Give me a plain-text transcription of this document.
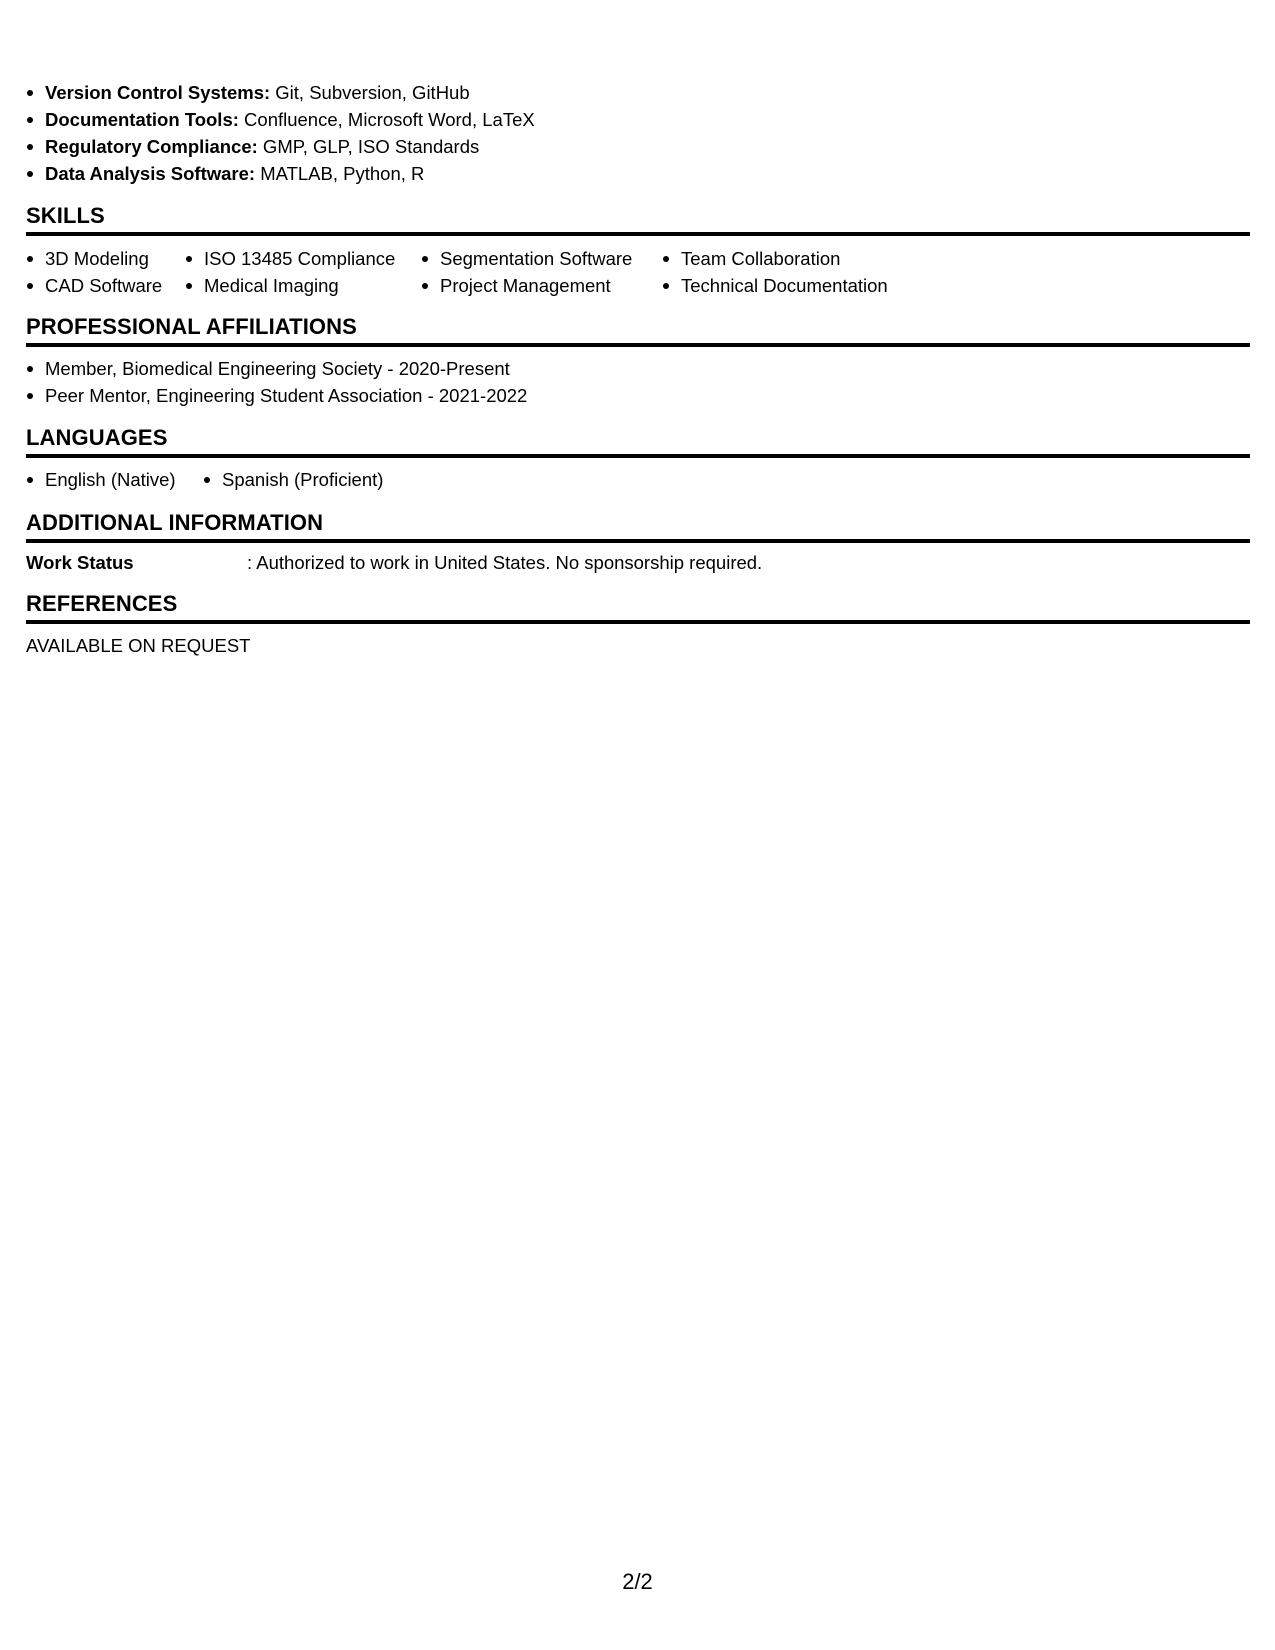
Version Control Systems: Git, Subversion, GitHub
Documentation Tools: Confluence, Microsoft Word, LaTeX
Regulatory Compliance: GMP, GLP, ISO Standards
Data Analysis Software: MATLAB, Python, R
SKILLS
3D Modeling
CAD Software
ISO 13485 Compliance
Medical Imaging
Segmentation Software
Project Management
Team Collaboration
Technical Documentation
PROFESSIONAL AFFILIATIONS
Member, Biomedical Engineering Society - 2020-Present
Peer Mentor, Engineering Student Association - 2021-2022
LANGUAGES
English (Native)	Spanish (Proficient)
ADDITIONAL INFORMATION
Work Status	: Authorized to work in United States. No sponsorship required.
REFERENCES
AVAILABLE ON REQUEST
2/2
